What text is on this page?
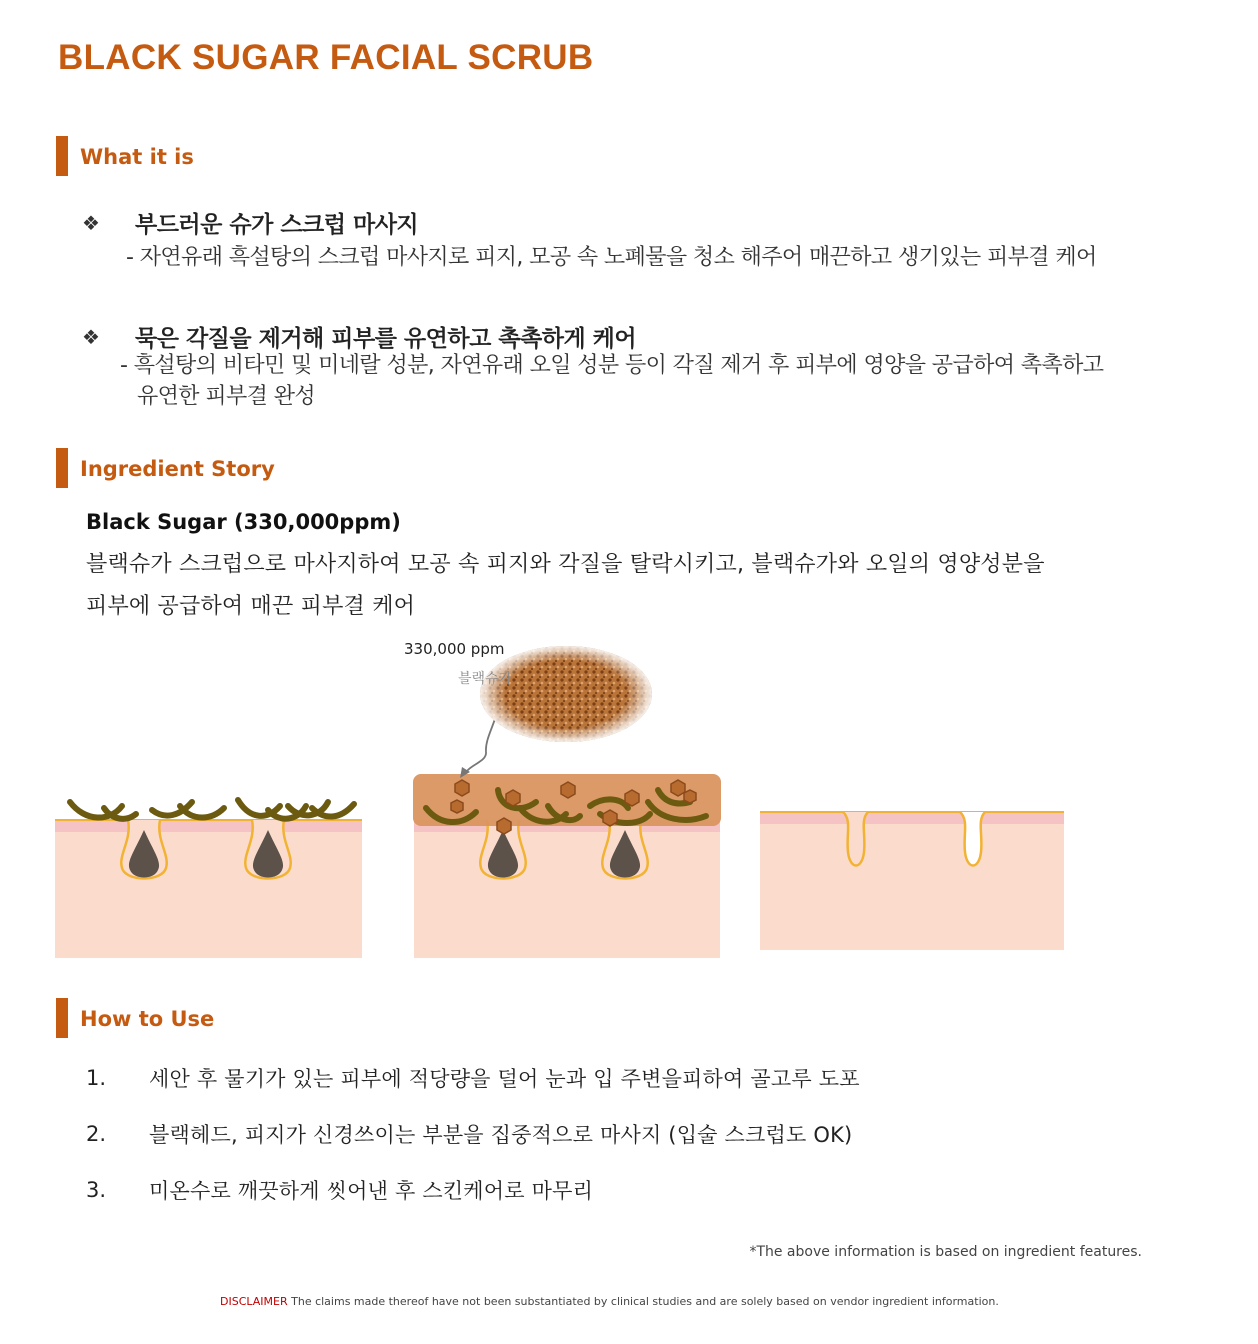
BLACK SUGAR FACIAL SCRUB
What it is
❖ 부드러운 슈가 스크럽 마사지
- 자연유래 흑설탕의 스크럽 마사지로 피지, 모공 속 노폐물을 청소 해주어 매끈하고 생기있는 피부결 케어
❖ 묵은 각질을 제거해 피부를 유연하고 촉촉하게 케어
- 흑설탕의 비타민 및 미네랄 성분, 자연유래 오일 성분 등이 각질 제거 후 피부에 영양을 공급하여 촉촉하고
유연한 피부결 완성
Ingredient Story
Black Sugar (330,000ppm)
블랙슈가 스크럽으로 마사지하여 모공 속 피지와 각질을 탈락시키고, 블랙슈가와 오일의 영양성분을
피부에 공급하여 매끈 피부결 케어
330,000 ppm
블랙슈가
How to Use
1. 세안 후 물기가 있는 피부에 적당량을 덜어 눈과 입 주변을피하여 골고루 도포
2. 블랙헤드, 피지가 신경쓰이는 부분을 집중적으로 마사지 (입술 스크럽도 OK)
3. 미온수로 깨끗하게 씻어낸 후 스킨케어로 마무리
*The above information is based on ingredient features.
DISCLAIMER The claims made thereof have not been substantiated by clinical studies and are solely based on vendor ingredient information.
